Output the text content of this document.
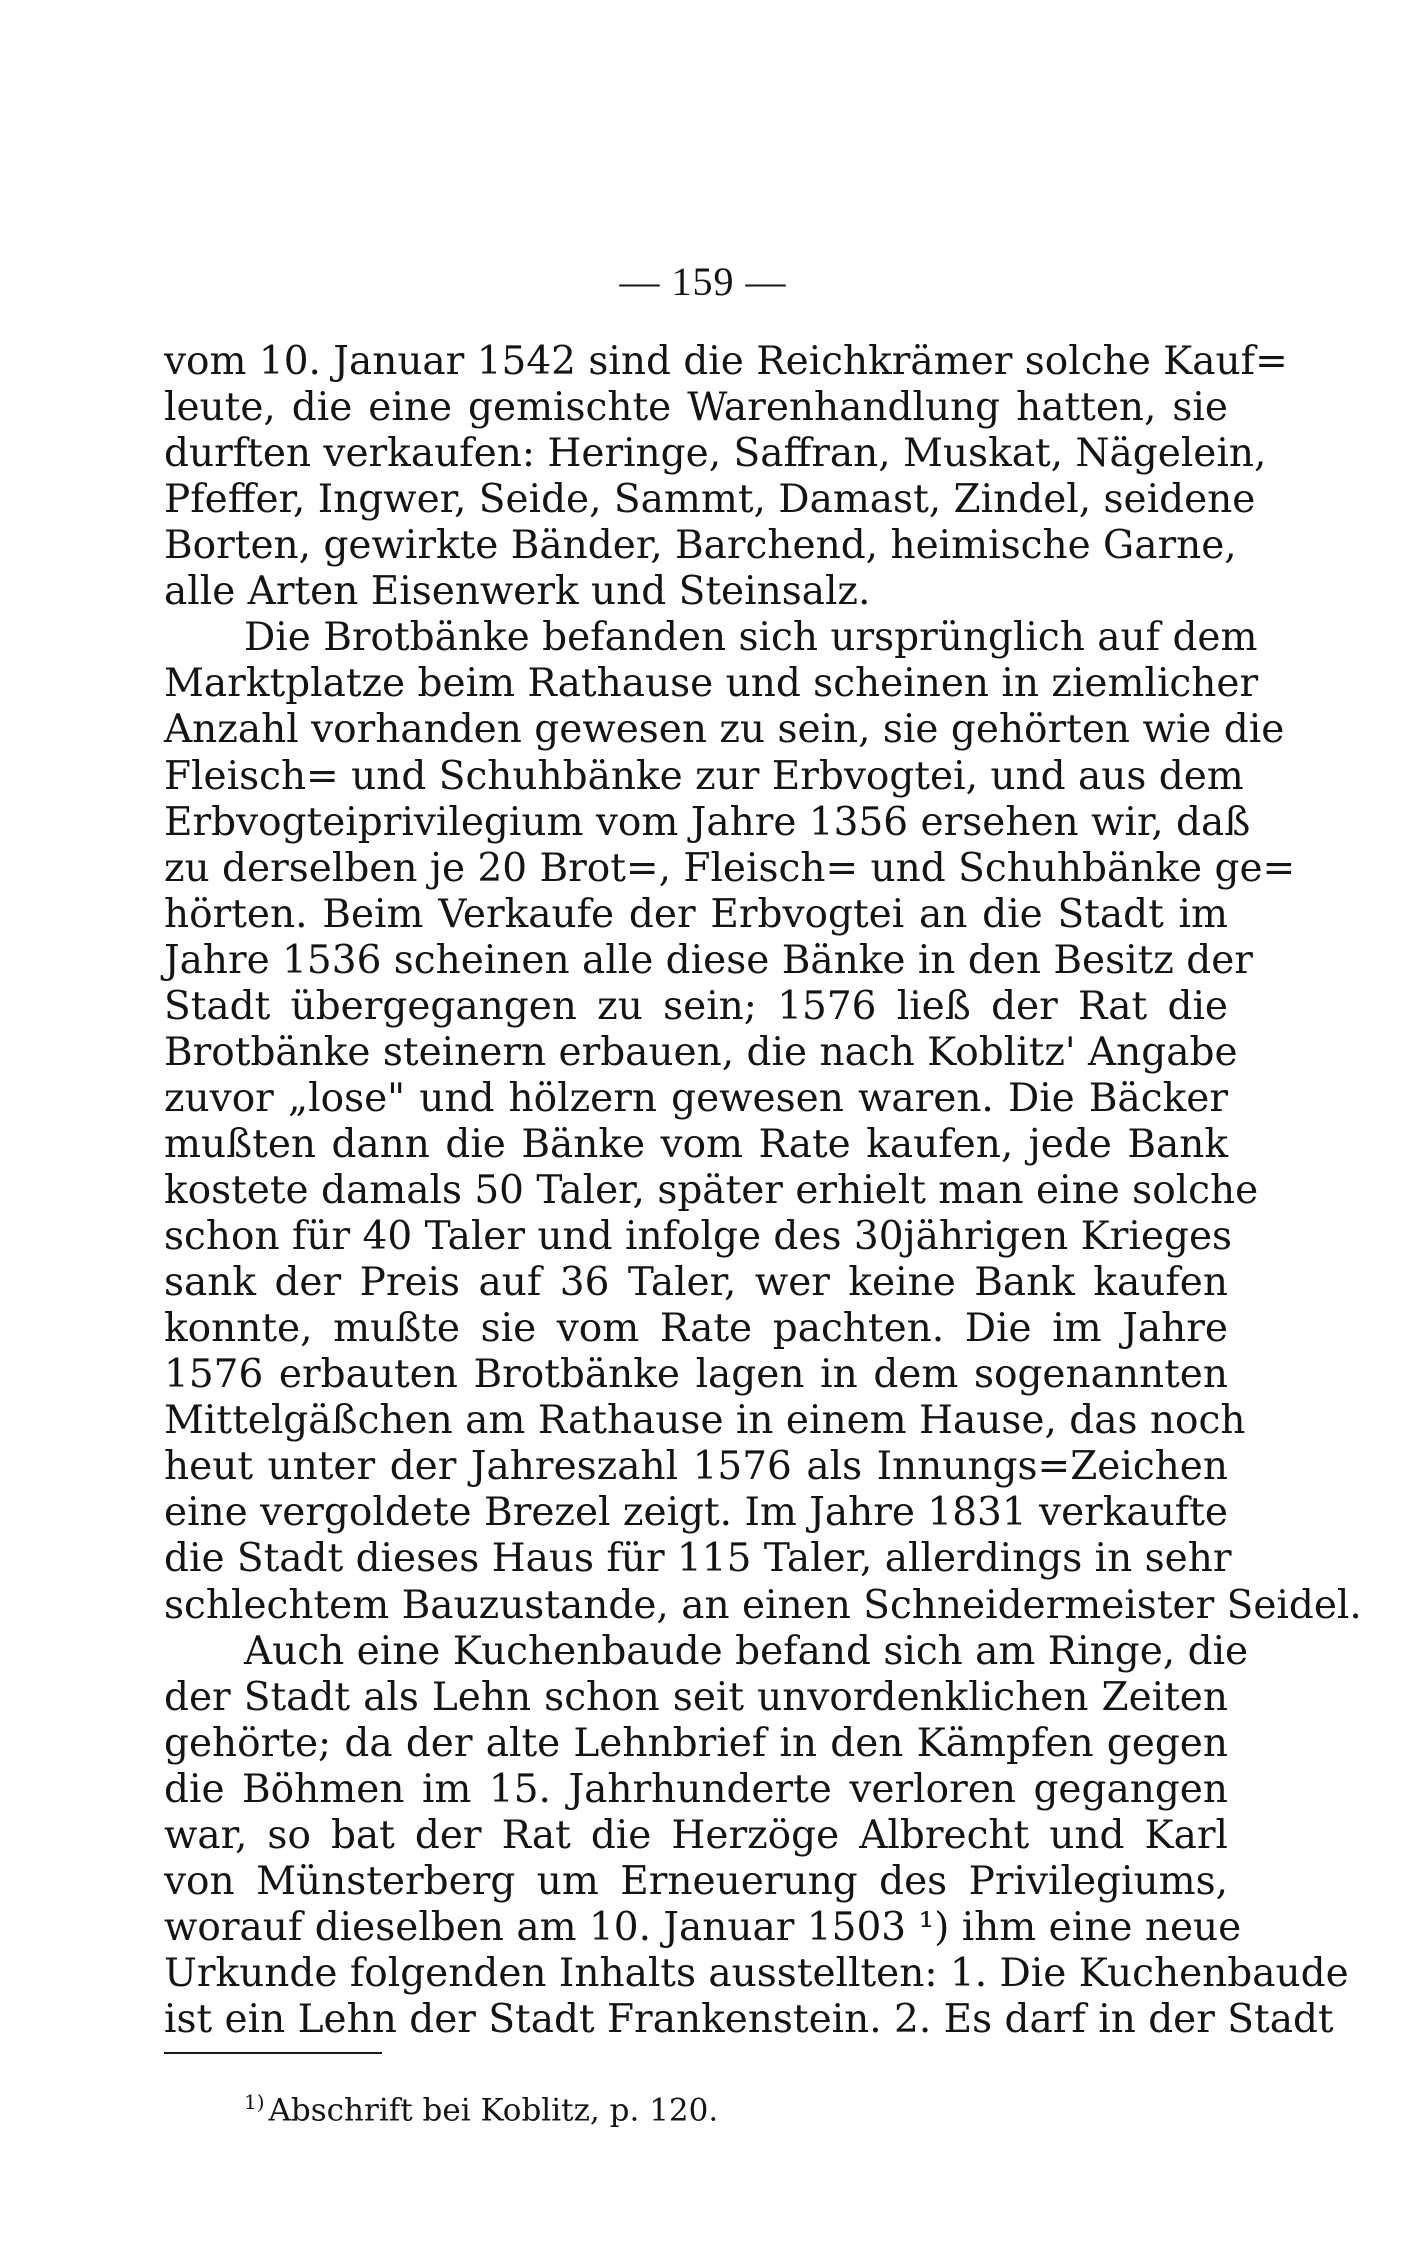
— 159 —
vom 10. Januar 1542 sind die Reichkrämer solche Kauf=
leute, die eine gemischte Warenhandlung hatten, sie
durften verkaufen: Heringe, Saffran, Muskat, Nägelein,
Pfeffer, Ingwer, Seide, Sammt, Damast, Zindel, seidene
Borten, gewirkte Bänder, Barchend, heimische Garne,
alle Arten Eisenwerk und Steinsalz.
Die Brotbänke befanden sich ursprünglich auf dem
Marktplatze beim Rathause und scheinen in ziemlicher
Anzahl vorhanden gewesen zu sein, sie gehörten wie die
Fleisch= und Schuhbänke zur Erbvogtei, und aus dem
Erbvogteiprivilegium vom Jahre 1356 ersehen wir, daß
zu derselben je 20 Brot=, Fleisch= und Schuhbänke ge=
hörten. Beim Verkaufe der Erbvogtei an die Stadt im
Jahre 1536 scheinen alle diese Bänke in den Besitz der
Stadt übergegangen zu sein; 1576 ließ der Rat die
Brotbänke steinern erbauen, die nach Koblitz' Angabe
zuvor „lose" und hölzern gewesen waren. Die Bäcker
mußten dann die Bänke vom Rate kaufen, jede Bank
kostete damals 50 Taler, später erhielt man eine solche
schon für 40 Taler und infolge des 30jährigen Krieges
sank der Preis auf 36 Taler, wer keine Bank kaufen
konnte, mußte sie vom Rate pachten. Die im Jahre
1576 erbauten Brotbänke lagen in dem sogenannten
Mittelgäßchen am Rathause in einem Hause, das noch
heut unter der Jahreszahl 1576 als Innungs=Zeichen
eine vergoldete Brezel zeigt. Im Jahre 1831 verkaufte
die Stadt dieses Haus für 115 Taler, allerdings in sehr
schlechtem Bauzustande, an einen Schneidermeister Seidel.
Auch eine Kuchenbaude befand sich am Ringe, die
der Stadt als Lehn schon seit unvordenklichen Zeiten
gehörte; da der alte Lehnbrief in den Kämpfen gegen
die Böhmen im 15. Jahrhunderte verloren gegangen
war, so bat der Rat die Herzöge Albrecht und Karl
von Münsterberg um Erneuerung des Privilegiums,
worauf dieselben am 10. Januar 1503 ¹) ihm eine neue
Urkunde folgenden Inhalts ausstellten: 1. Die Kuchenbaude
$^{1)}$ Abschrift bei Koblitz, p. 120.
ist ein Lehn der Stadt Frankenstein. 2. Es darf in der Stadt
